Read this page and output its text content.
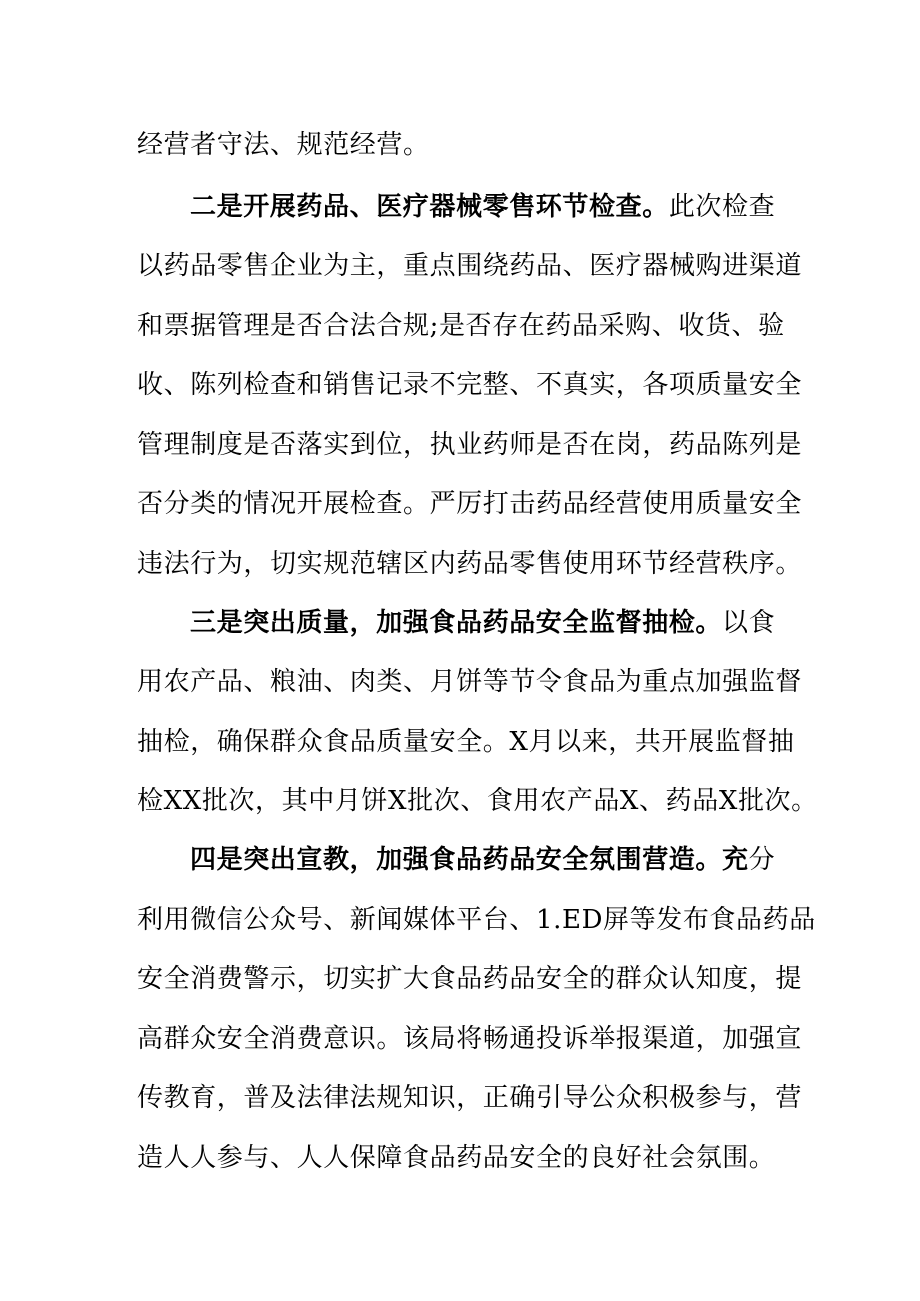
经营者守法、规范经营。
二是开展药品、医疗器械零售环节检查。此次检查
以药品零售企业为主，重点围绕药品、医疗器械购进渠道
和票据管理是否合法合规;是否存在药品采购、收货、验
收、陈列检查和销售记录不完整、不真实，各项质量安全
管理制度是否落实到位，执业药师是否在岗，药品陈列是
否分类的情况开展检查。严厉打击药品经营使用质量安全
违法行为，切实规范辖区内药品零售使用环节经营秩序。
三是突出质量，加强食品药品安全监督抽检。以食
用农产品、粮油、肉类、月饼等节令食品为重点加强监督
抽检，确保群众食品质量安全。X月以来，共开展监督抽
检XX批次，其中月饼X批次、食用农产品X、药品X批次。
四是突出宣教，加强食品药品安全氛围营造。充分
利用微信公众号、新闻媒体平台、1.ED屏等发布食品药品
安全消费警示，切实扩大食品药品安全的群众认知度，提
高群众安全消费意识。该局将畅通投诉举报渠道，加强宣
传教育，普及法律法规知识，正确引导公众积极参与，营
造人人参与、人人保障食品药品安全的良好社会氛围。
